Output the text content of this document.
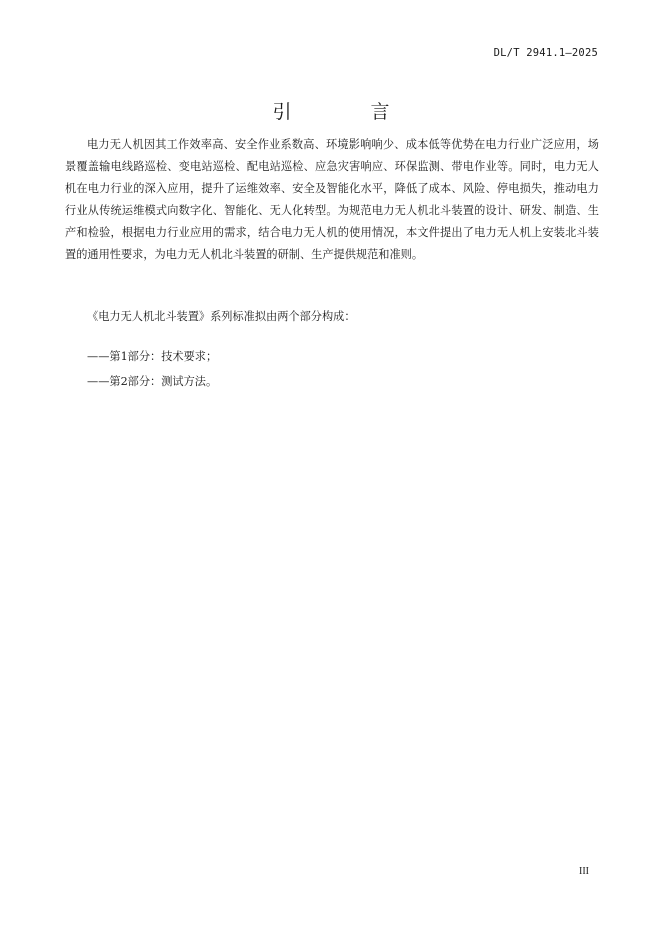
DL/T 2941.1—2025
引　言

电力无人机因其工作效率高、安全作业系数高、环境影响响少、成本低等优势在电力行业广泛应用，场景覆盖输电线路巡检、变电站巡检、配电站巡检、应急灾害响应、环保监测、带电作业等。同时，电力无人机在电力行业的深入应用，提升了运维效率、安全及智能化水平，降低了成本、风险、停电损失，推动电力行业从传统运维模式向数字化、智能化、无人化转型。为规范电力无人机北斗装置的设计、研发、制造、生产和检验，根据电力行业应用的需求，结合电力无人机的使用情况，本文件提出了电力无人机上安装北斗装置的通用性要求，为电力无人机北斗装置的研制、生产提供规范和准则。

《电力无人机北斗装置》系列标准拟由两个部分构成：

——第1部分：技术要求；

——第2部分：测试方法。

III
